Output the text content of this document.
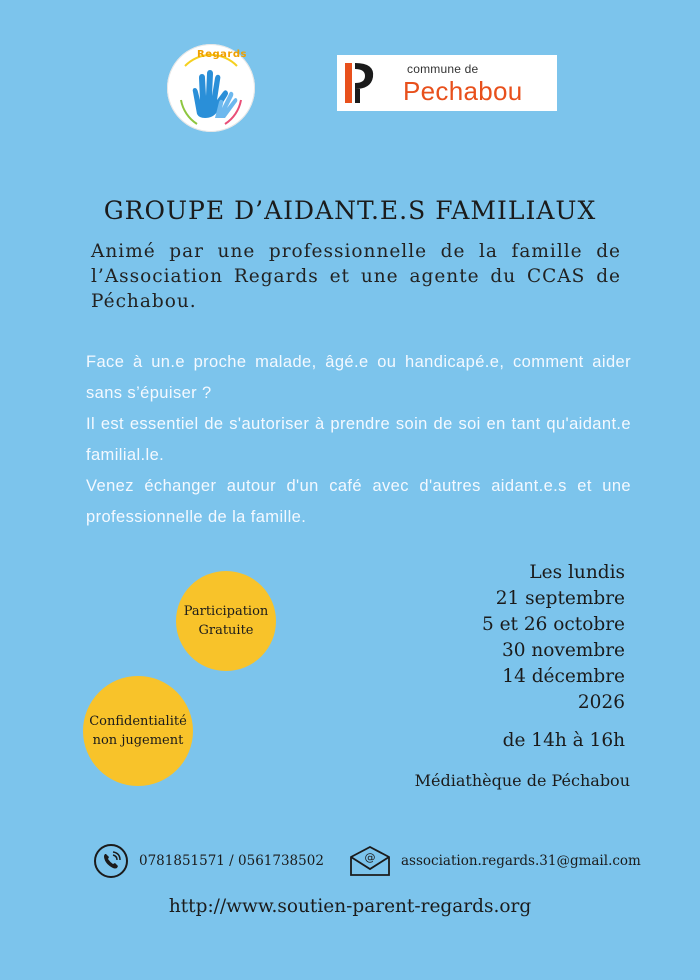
Regards
commune de
Pechabou
GROUPE D’AIDANT.E.S FAMILIAUX
Animé par une professionnelle de la famille de l’Association Regards et une agente du CCAS de Péchabou.

Face à un.e proche malade, âgé.e ou handicapé.e, comment aider sans s’épuiser ?

Il est essentiel de s'autoriser à prendre soin de soi en tant qu'aidant.e familial.le.

Venez échanger autour d'un café avec d'autres aidant.e.s et une professionnelle de la famille.

Participation
Gratuite
Confidentialité
non jugement
Les lundis
21 septembre
5 et 26 octobre
30 novembre
14 décembre
2026
de 14h à 16h
Médiathèque de Péchabou
0781851571 / 0561738502	@ association.regards.31@gmail.com
http://www.soutien-parent-regards.org
